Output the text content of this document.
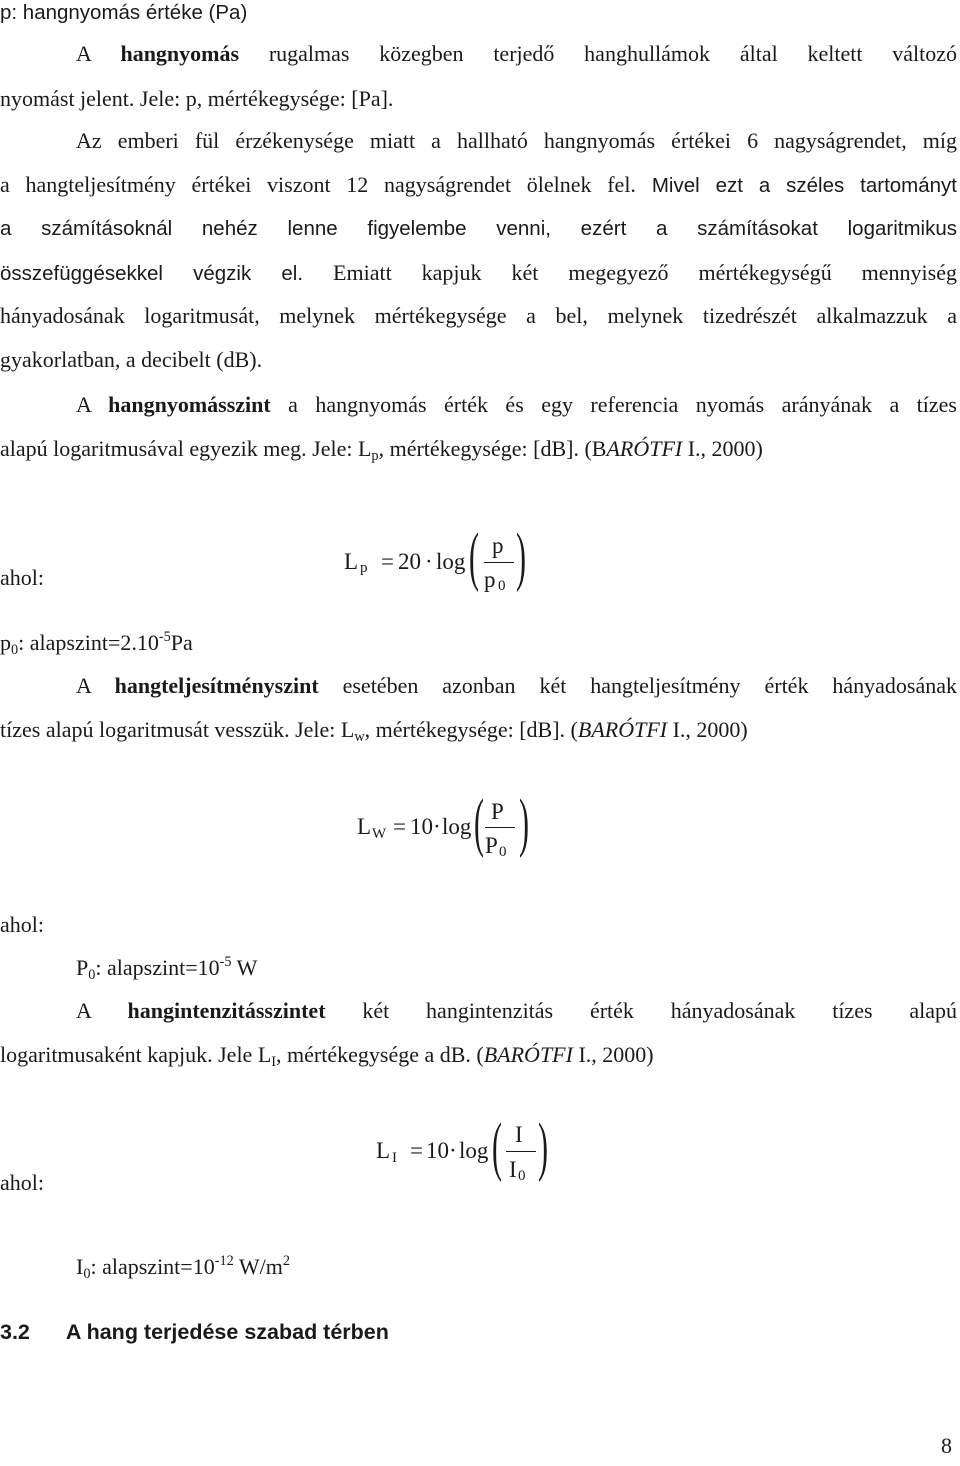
p: hangnyomás értéke (Pa)
A hangnyomás rugalmas közegben terjedő hanghullámok által keltett változó
nyomást jelent. Jele: p, mértékegysége: [Pa].
Az emberi fül érzékenysége miatt a hallható hangnyomás értékei 6 nagyságrendet, míg
a hangteljesítmény értékei viszont 12 nagyságrendet ölelnek fel. Mivel ezt a széles tartományt
a számításoknál nehéz lenne figyelembe venni, ezért a számításokat logaritmikus
összefüggésekkel végzik el. Emiatt kapjuk két megegyező mértékegységű mennyiség
hányadosának logaritmusát, melynek mértékegysége a bel, melynek tizedrészét alkalmazzuk a
gyakorlatban, a decibelt (dB).
A hangnyomásszint a hangnyomás érték és egy referencia nyomás arányának a tízes
alapú logaritmusával egyezik meg. Jele: $L_p$, mértékegysége: [dB]. (BARÓTFI I., 2000)
ahol:
L p = 20 · log ( p
p 0 )
$p_0$: $alapszint=2.10^{-5}Pa$
A hangteljesítményszint esetében azonban két hangteljesítmény érték hányadosának
tízes alapú logaritmusát vesszük. Jele: $L_w$, mértékegysége: [dB]. (BARÓTFI I., 2000)
L W = 10 · log ( P
P 0 )
ahol:
$P_0$: $alapszint=10^{-5}$ W
A hangintenzitásszintet két hangintenzitás érték hányadosának tízes alapú
logaritmusaként kapjuk. Jele $L_I$, mértékegysége a dB. (BARÓTFI I., 2000)
L I = 10 · log ( I
I 0 )
ahol:
$I_0$: $alapszint=10^{-12}$ $W/m^2$
3.2 A hang terjedése szabad térben
8
